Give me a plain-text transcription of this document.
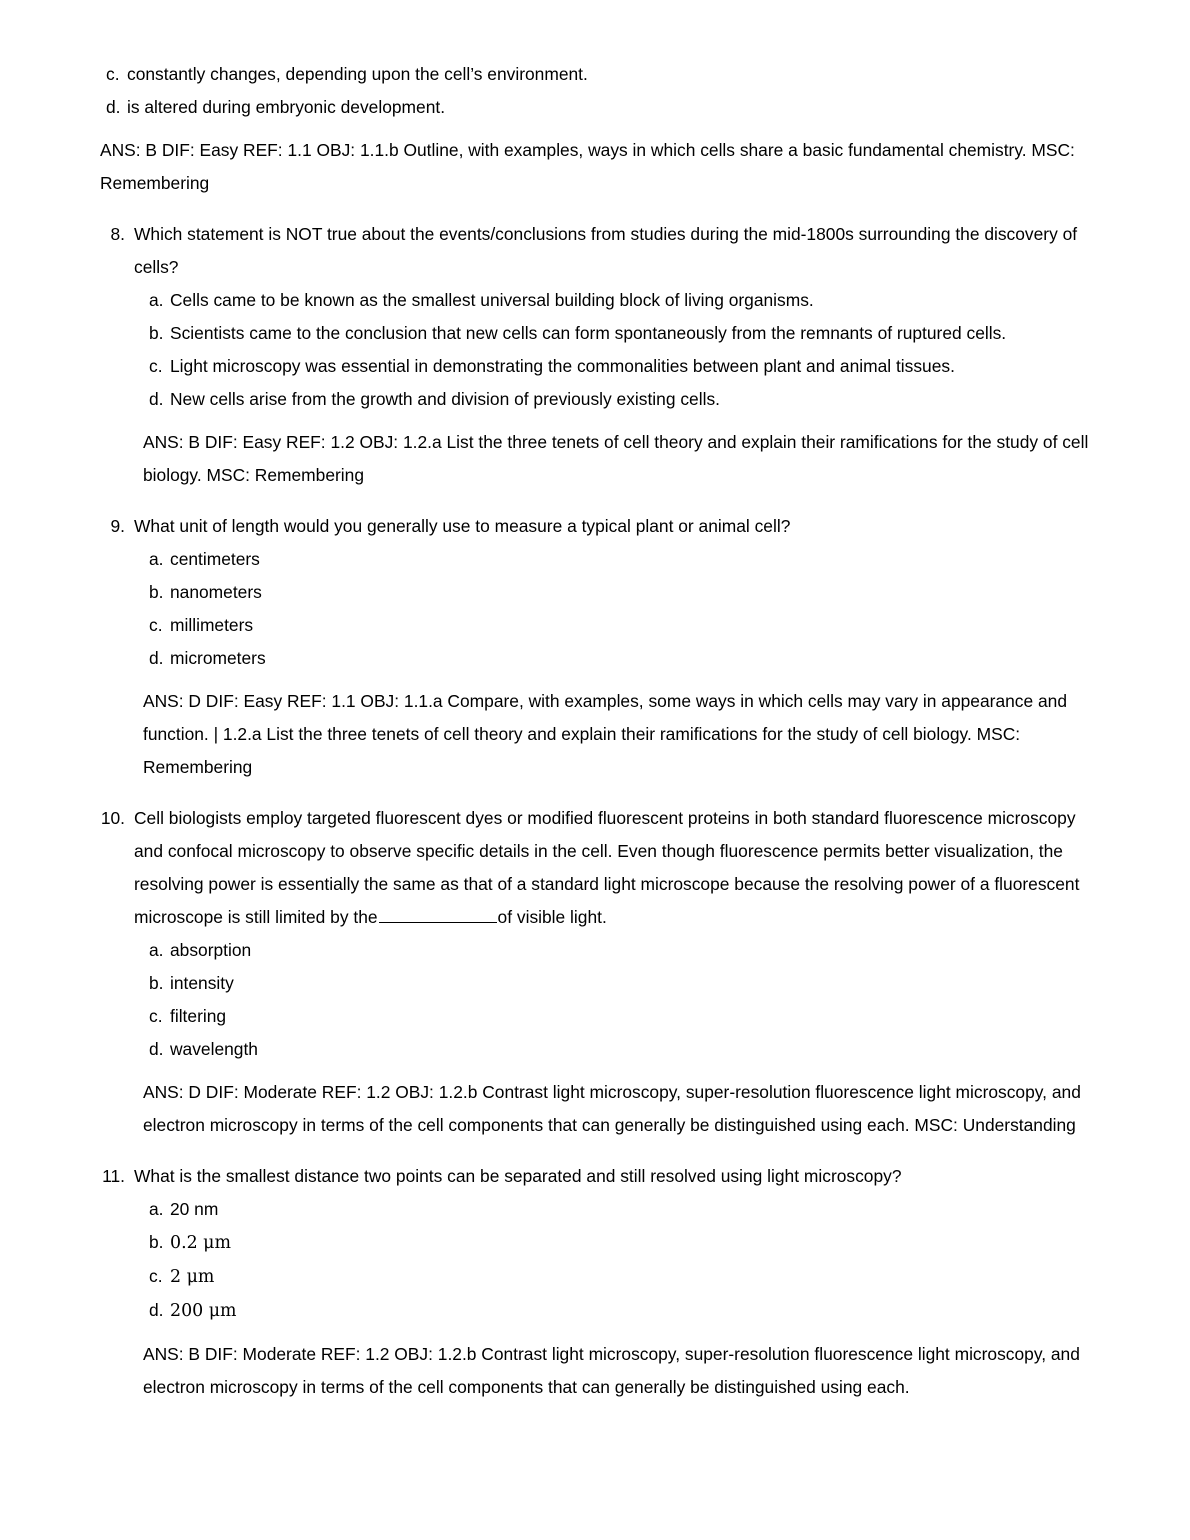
c. constantly changes, depending upon the cell’s environment.
d. is altered during embryonic development.
ANS: B DIF: Easy REF: 1.1 OBJ: 1.1.b Outline, with examples, ways in which cells share a basic fundamental chemistry. MSC: Remembering
8. Which statement is NOT true about the events/conclusions from studies during the mid-1800s surrounding the discovery of cells?
a. Cells came to be known as the smallest universal building block of living organisms.
b. Scientists came to the conclusion that new cells can form spontaneously from the remnants of ruptured cells.
c. Light microscopy was essential in demonstrating the commonalities between plant and animal tissues.
d. New cells arise from the growth and division of previously existing cells.
ANS: B DIF: Easy REF: 1.2 OBJ: 1.2.a List the three tenets of cell theory and explain their ramifications for the study of cell biology. MSC: Remembering
9. What unit of length would you generally use to measure a typical plant or animal cell?
a. centimeters
b. nanometers
c. millimeters
d. micrometers
ANS: D DIF: Easy REF: 1.1 OBJ: 1.1.a Compare, with examples, some ways in which cells may vary in appearance and function. | 1.2.a List the three tenets of cell theory and explain their ramifications for the study of cell biology. MSC: Remembering
10. Cell biologists employ targeted fluorescent dyes or modified fluorescent proteins in both standard fluorescence microscopy and confocal microscopy to observe specific details in the cell. Even though fluorescence permits better visualization, the resolving power is essentially the same as that of a standard light microscope because the resolving power of a fluorescent microscope is still limited by the	of visible light.
a. absorption
b. intensity
c. filtering
d. wavelength
ANS: D DIF: Moderate REF: 1.2 OBJ: 1.2.b Contrast light microscopy, super-resolution fluorescence light microscopy, and electron microscopy in terms of the cell components that can generally be distinguished using each. MSC: Understanding
11. What is the smallest distance two points can be separated and still resolved using light microscopy?
a. 20 nm
b. 0.2 μm
c. 2 μm
d. 200 μm
ANS: B DIF: Moderate REF: 1.2 OBJ: 1.2.b Contrast light microscopy, super-resolution fluorescence light microscopy, and electron microscopy in terms of the cell components that can generally be distinguished using each.
